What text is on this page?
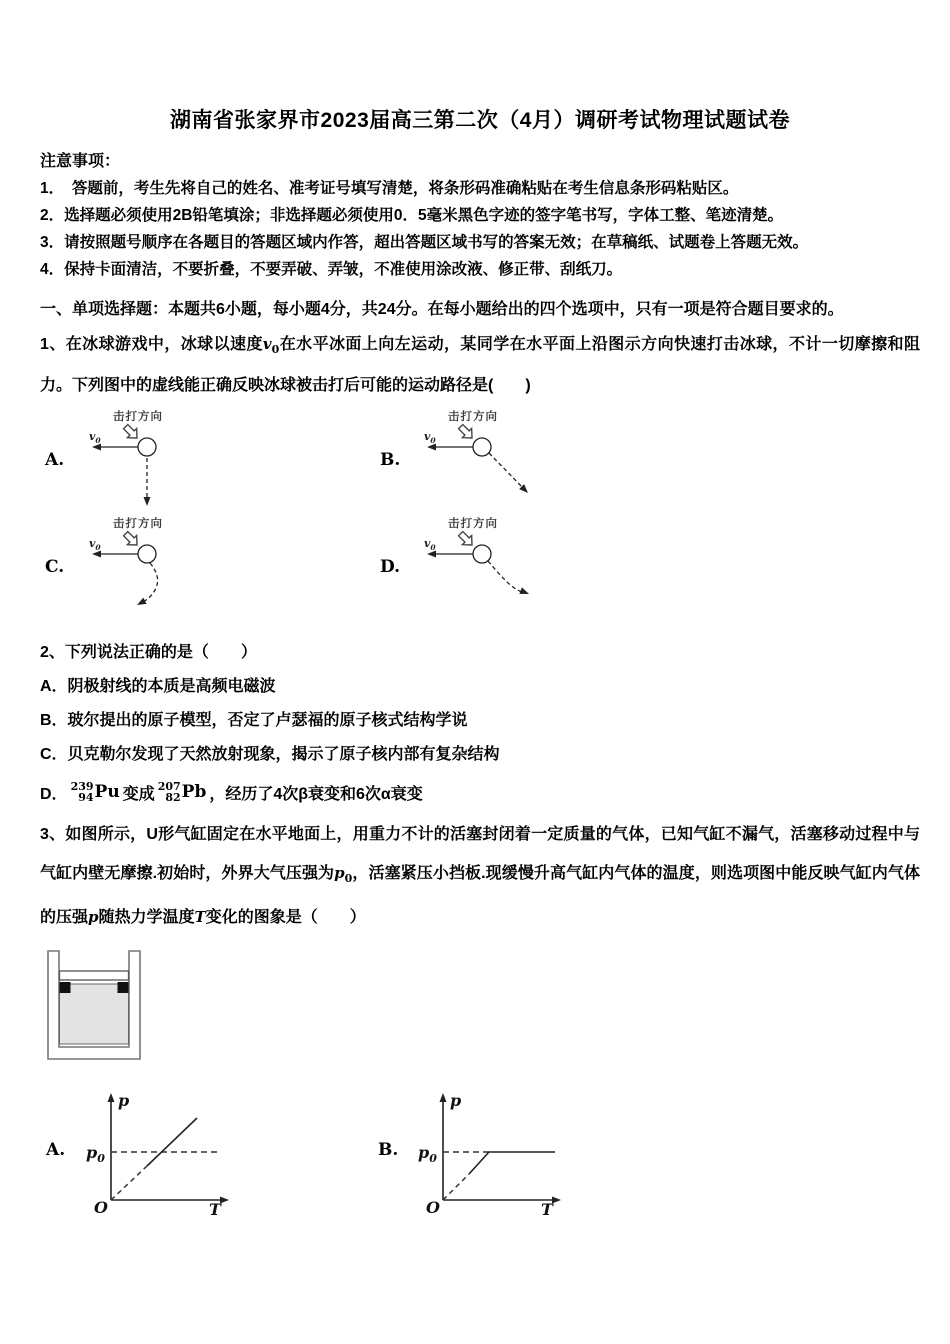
湖南省张家界市2023届高三第二次（4月）调研考试物理试题试卷

注意事项：

1．　答题前，考生先将自己的姓名、准考证号填写清楚，将条形码准确粘贴在考生信息条形码粘贴区。

2．选择题必须使用2B铅笔填涂；非选择题必须使用0．5毫米黑色字迹的签字笔书写，字体工整、笔迹清楚。

3．请按照题号顺序在各题目的答题区域内作答，超出答题区域书写的答案无效；在草稿纸、试题卷上答题无效。

4．保持卡面清洁，不要折叠，不要弄破、弄皱，不准使用涂改液、修正带、刮纸刀。

一、单项选择题：本题共6小题，每小题4分，共24分。在每小题给出的四个选项中，只有一项是符合题目要求的。

1、在冰球游戏中，冰球以速度$v_0$在水平冰面上向左运动，某同学在水平面上沿图示方向快速打击冰球，不计一切摩擦和阻力。下列图中的虚线能正确反映冰球被击打后可能的运动路径是(　　)

A.
击打方向
$v_0$
B.
击打方向
$v_0$
C.
击打方向
$v_0$
D.
击打方向
$v_0$

2、下列说法正确的是（　　）

A．阴极射线的本质是高频电磁波

B．玻尔提出的原子模型，否定了卢瑟福的原子核式结构学说

C．贝克勒尔发现了天然放射现象，揭示了原子核内部有复杂结构

D． 239
94 Pu 变成 207
82 Pb ，经历了4次β衰变和6次α衰变

3、如图所示，U形气缸固定在水平地面上，用重力不计的活塞封闭着一定质量的气体，已知气缸不漏气，活塞移动过程中与气缸内壁无摩擦.初始时，外界大气压强为$p_0$，活塞紧压小挡板.现缓慢升高气缸内气体的温度，则选项图中能反映气缸内气体的压强p随热力学温度T变化的图象是（　　）

A.
p
T
O
$p_0$	B.
p
T
O
$p_0$
